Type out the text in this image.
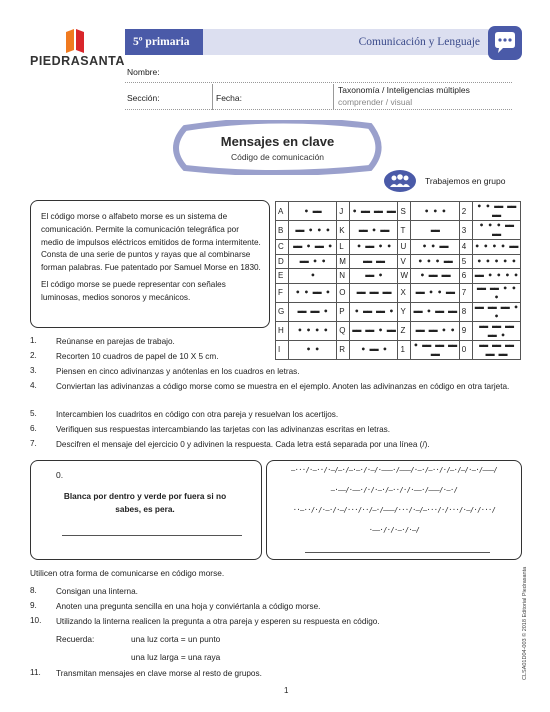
PIEDRASANTA
5º primaria	Comunicación y Lenguaje
Nombre:
Sección:	Fecha:
Taxonomía / Inteligencias múltiples
comprender / visual
Mensajes en clave
Código de comunicación
Trabajemos en grupo

El código morse o alfabeto morse es un sistema de comunicación. Permite la comunicación telegráfica por medio de impulsos eléctricos emitidos de forma intermitente. Consta de una serie de puntos y rayas que al combinarse forman palabras. Fue patentado por Samuel Morse en 1830.

El código morse se puede representar con señales luminosas, medios sonoros y mecánicos.

A	• ▬▬	J	• ▬▬ ▬▬ ▬▬	S	• • •	2	• • ▬▬ ▬▬ ▬▬
B	▬▬ • • •	K	▬▬ • ▬▬	T	▬▬	3	• • • ▬▬ ▬▬
C	▬▬ • ▬▬ •	L	• ▬▬ • •	U	• • ▬▬	4	• • • • ▬▬
D	▬▬ • •	M	▬▬ ▬▬	V	• • • ▬▬	5	• • • • •
E	•	N	▬▬ •	W	• ▬▬ ▬▬	6	▬▬ • • • •
F	• • ▬▬ •	O	▬▬ ▬▬ ▬▬	X	▬▬ • • ▬▬	7	▬▬ ▬▬ • • •
G	▬▬ ▬▬ •	P	• ▬▬ ▬▬ •	Y	▬▬ • ▬▬ ▬▬	8	▬▬ ▬▬ ▬▬ • •
H	• • • •	Q	▬▬ ▬▬ • ▬▬	Z	▬▬ ▬▬ • •	9	▬▬ ▬▬ ▬▬ ▬▬ •
I	• •	R	• ▬▬ •	1	• ▬▬ ▬▬ ▬▬ ▬▬	0	▬▬ ▬▬ ▬▬ ▬▬ ▬▬
1. Reúnanse en parejas de trabajo.
2. Recorten 10 cuadros de papel de 10 X 5 cm.
3. Piensen en cinco adivinanzas y anótenlas en los cuadros en letras.
4. Conviertan las adivinanzas a código morse como se muestra en el ejemplo. Anoten las adivinanzas en código en otra tarjeta.
5. Intercambien los cuadritos en código con otra pareja y resuelvan los acertijos.
6. Verifiquen sus respuestas intercambiando las tarjetas con las adivinanzas escritas en letras.
7. Descifren el mensaje del ejercicio 0 y adivinen la respuesta. Cada letra está separada por una línea (/).
0.
Blanca por dentro y verde por fuera si no sabes, es pera.
–···/·–··/·–/–·/–·–·/·–/·–––·/–––/·–·/–··/·/–·/–/·–·/–––/
–·––/·––·/·/·–·/–··/·/·––·/–––/·–·/
··–··/·/·–·/·–/···/··/–·/–––/···/·–/–···/·/···/·–/·/···/
·––·/·/·–·/·–/
Utilicen otra forma de comunicarse en código morse.
8. Consigan una linterna.
9. Anoten una pregunta sencilla en una hoja y conviértanla a código morse.
10. Utilizando la linterna realicen la pregunta a otra pareja y esperen su respuesta en código.
Recuerda:	una luz corta = un punto
una luz larga = una raya
11. Transmitan mensajes en clave morse al resto de grupos.
1
CLSA01D04-003 © 2018 Editorial Piedrasanta
